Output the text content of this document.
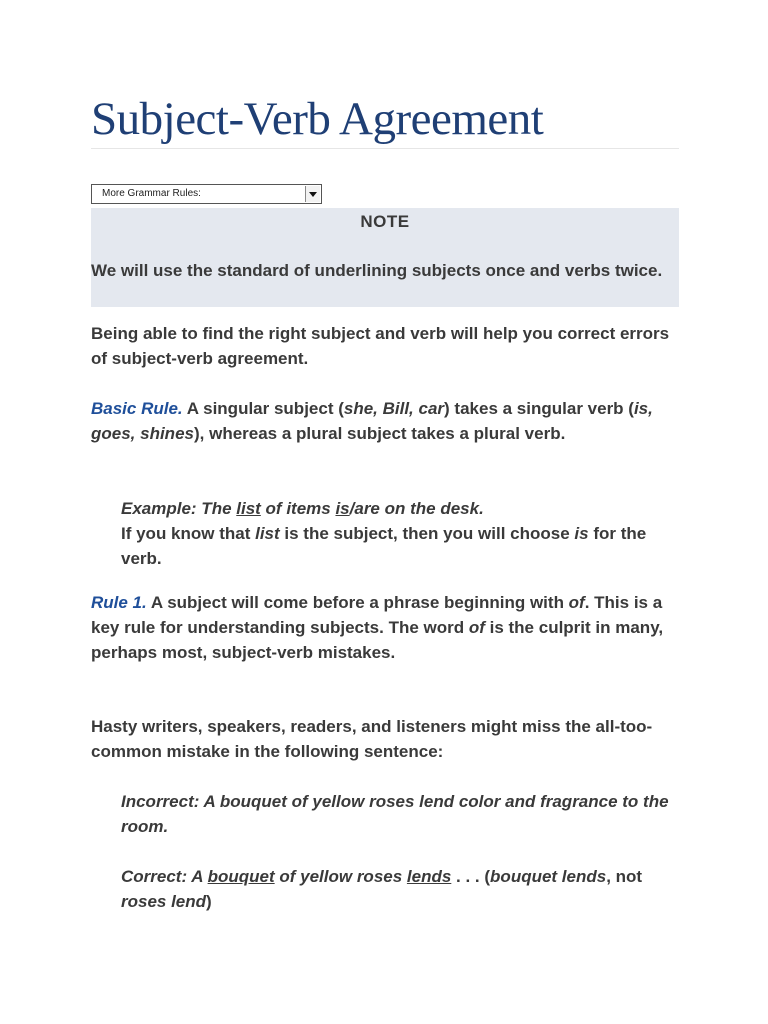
Subject-Verb Agreement
More Grammar Rules:
NOTE
We will use the standard of underlining subjects once and verbs twice.

Being able to find the right subject and verb will help you correct errors of subject-verb agreement.

Basic Rule. A singular subject (she, Bill, car) takes a singular verb (is, goes, shines), whereas a plural subject takes a plural verb.

Example: The list of items is/are on the desk.
If you know that list is the subject, then you will choose is for the verb.

Rule 1. A subject will come before a phrase beginning with of. This is a key rule for understanding subjects. The word of is the culprit in many, perhaps most, subject-verb mistakes.

Hasty writers, speakers, readers, and listeners might miss the all-too-common mistake in the following sentence:

Incorrect: A bouquet of yellow roses lend color and fragrance to the room.

Correct: A bouquet of yellow roses lends . . . (bouquet lends, not roses lend)
